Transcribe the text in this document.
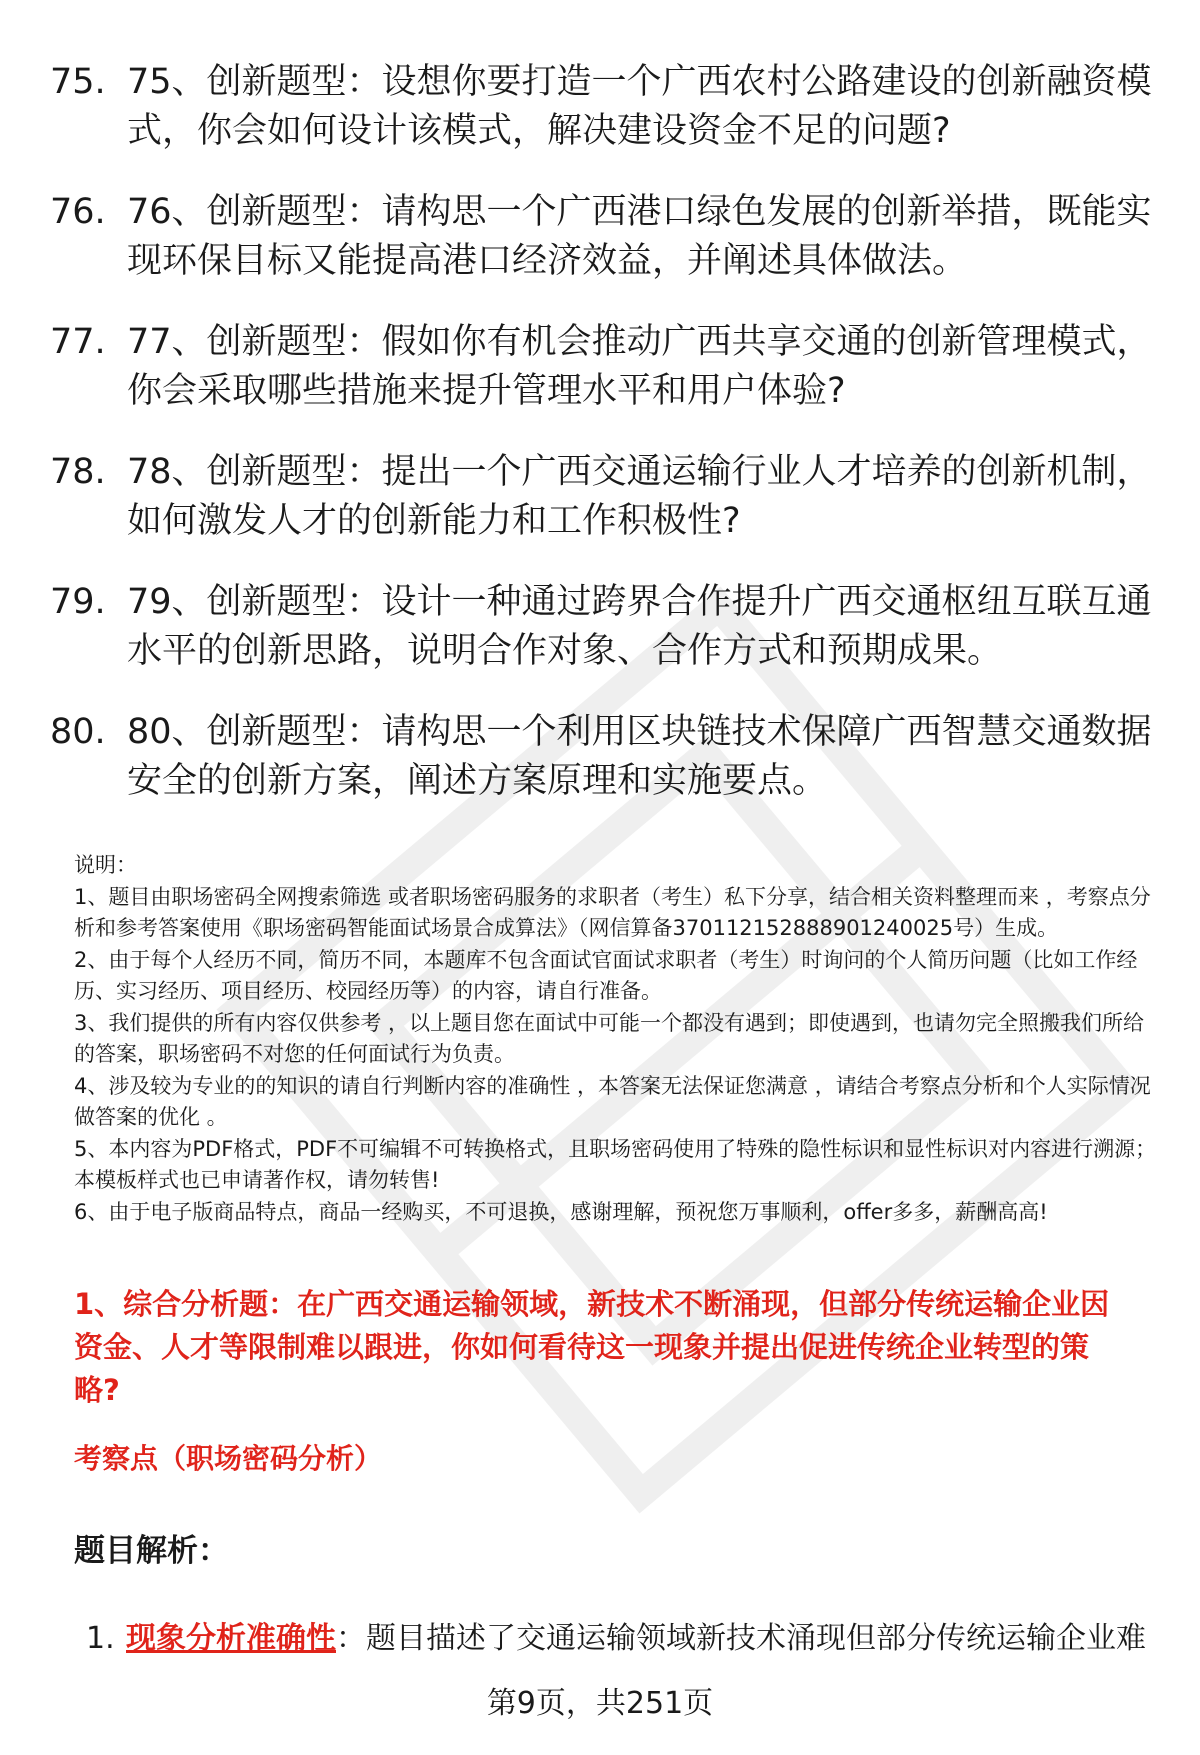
75. 75、创新题型：设想你要打造一个广西农村公路建设的创新融资模式，你会如何设计该模式，解决建设资金不足的问题?
76. 76、创新题型：请构思一个广西港口绿色发展的创新举措，既能实现环保目标又能提高港口经济效益，并阐述具体做法。
77. 77、创新题型：假如你有机会推动广西共享交通的创新管理模式，你会采取哪些措施来提升管理水平和用户体验?
78. 78、创新题型：提出一个广西交通运输行业人才培养的创新机制，如何激发人才的创新能力和工作积极性?
79. 79、创新题型：设计一种通过跨界合作提升广西交通枢纽互联互通水平的创新思路，说明合作对象、合作方式和预期成果。
80. 80、创新题型：请构思一个利用区块链技术保障广西智慧交通数据安全的创新方案，阐述方案原理和实施要点。
说明：
1、题目由职场密码全网搜索筛选 或者职场密码服务的求职者（考生）私下分享，结合相关资料整理而来 ，考察点分析和参考答案使用《职场密码智能面试场景合成算法》（网信算备370112152888901240025号）生成。
2、由于每个人经历不同，简历不同，本题库不包含面试官面试求职者（考生）时询问的个人简历问题（比如工作经历、实习经历、项目经历、校园经历等）的内容，请自行准备。
3、我们提供的所有内容仅供参考 ，以上题目您在面试中可能一个都没有遇到；即使遇到，也请勿完全照搬我们所给的答案，职场密码不对您的任何面试行为负责。
4、涉及较为专业的的知识的请自行判断内容的准确性 ，本答案无法保证您满意 ，请结合考察点分析和个人实际情况做答案的优化 。
5、本内容为PDF格式，PDF不可编辑不可转换格式，且职场密码使用了特殊的隐性标识和显性标识对内容进行溯源；本模板样式也已申请著作权，请勿转售!
6、由于电子版商品特点，商品一经购买，不可退换，感谢理解，预祝您万事顺利，offer多多，薪酬高高!
1、综合分析题：在广西交通运输领域，新技术不断涌现，但部分传统运输企业因资金、人才等限制难以跟进，你如何看待这一现象并提出促进传统企业转型的策略?
考察点（职场密码分析）
题目解析：
1. 现象分析准确性：题目描述了交通运输领域新技术涌现但部分传统运输企业难
第9页，共251页
